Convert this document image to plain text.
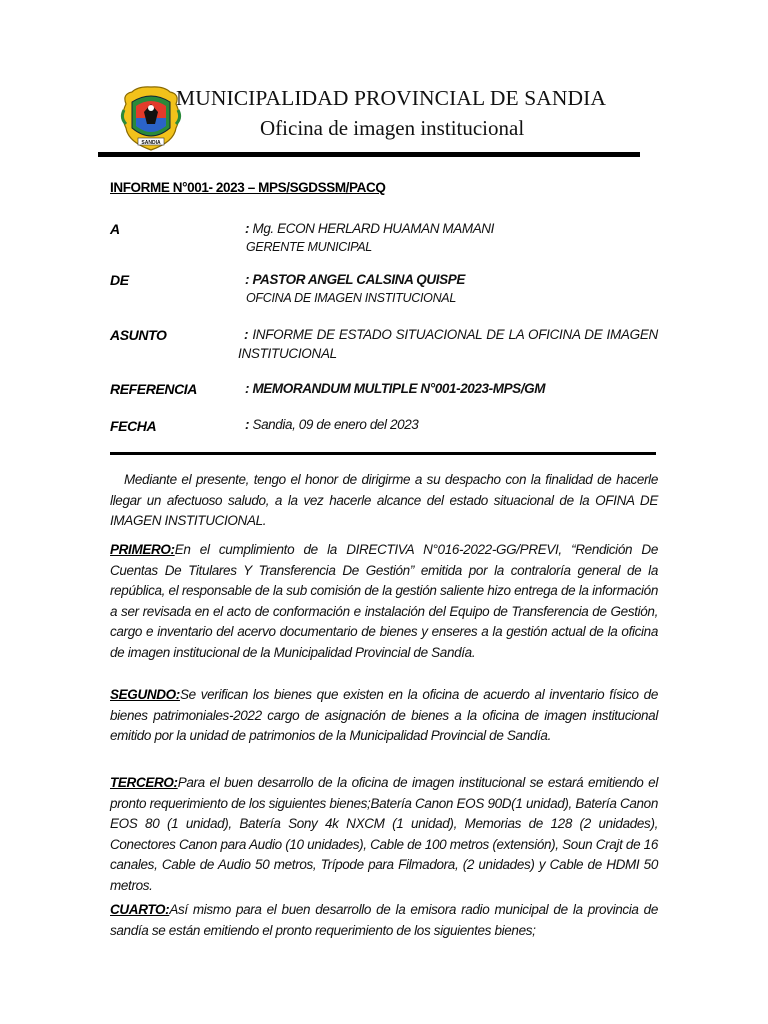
SANDIA
MUNICIPALIDAD PROVINCIAL DE SANDIA
Oficina de imagen institucional
INFORME N°001- 2023 – MPS/SGDSSM/PACQ
A	: Mg. ECON HERLARD HUAMAN MAMANI
GERENTE MUNICIPAL
DE	: PASTOR ANGEL CALSINA QUISPE
OFCINA DE IMAGEN INSTITUCIONAL
ASUNTO	: INFORME DE ESTADO SITUACIONAL DE LA OFICINA DE IMAGEN INSTITUCIONAL
REFERENCIA	: MEMORANDUM MULTIPLE N°001-2023-MPS/GM
FECHA	: Sandia, 09 de enero del 2023
Mediante el presente, tengo el honor de dirigirme a su despacho con la finalidad de hacerle llegar un afectuoso saludo, a la vez hacerle alcance del estado situacional de la OFINA DE IMAGEN INSTITUCIONAL.
PRIMERO:En el cumplimiento de la DIRECTIVA N°016-2022-GG/PREVI, “Rendición De Cuentas De Titulares Y Transferencia De Gestión” emitida por la contraloría general de la república, el responsable de la sub comisión de la gestión saliente hizo entrega de la información a ser revisada en el acto de conformación e instalación del Equipo de Transferencia de Gestión, cargo e inventario del acervo documentario de bienes y enseres a la gestión actual de la oficina de imagen institucional de la Municipalidad Provincial de Sandía.
SEGUNDO:Se verifican los bienes que existen en la oficina de acuerdo al inventario físico de bienes patrimoniales-2022 cargo de asignación de bienes a la oficina de imagen institucional emitido por la unidad de patrimonios de la Municipalidad Provincial de Sandía.
TERCERO:Para el buen desarrollo de la oficina de imagen institucional se estará emitiendo el pronto requerimiento de los siguientes bienes;Batería Canon EOS 90D(1 unidad), Batería Canon EOS 80 (1 unidad), Batería Sony 4k NXCM (1 unidad), Memorias de 128 (2 unidades), Conectores Canon para Audio (10 unidades), Cable de 100 metros (extensión), Soun Crajt de 16 canales, Cable de Audio 50 metros, Trípode para Filmadora, (2 unidades) y Cable de HDMI 50 metros.
CUARTO:Así mismo para el buen desarrollo de la emisora radio municipal de la provincia de sandía se están emitiendo el pronto requerimiento de los siguientes bienes;
